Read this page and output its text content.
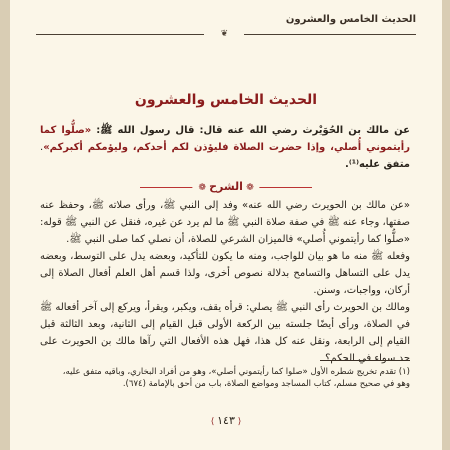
الحديث الخامس والعشرون
❦
الحديث الخامس والعشرون
عن مالك بن الحُوَيْرث رضي الله عنه قال: قال رسول الله ﷺ: «صلُّوا كما رأيتموني أُصلي، وإذا حضرت الصلاة فليؤذن لكم أحدكم، وليؤمكم أكبركم». متفق عليه⁽¹⁾.
❁ الشرح ❁
«عن مالك بن الحويرث رضي الله عنه» وفد إلى النبي ﷺ، ورأى صلاته ﷺ، وحفظ عنه صفتها، وجاء عنه ﷺ في صفة صلاة النبي ﷺ ما لم يرد عن غيره، فنقل عن النبي ﷺ قوله: «صلُّوا كما رأيتموني أُصلي» فالميزان الشرعي للصلاة، أن نصلي كما صلى النبي ﷺ.
وفعله ﷺ منه ما هو بيان للواجب، ومنه ما يكون للتأكيد، وبعضه يدل على التوسط، وبعضه يدل على التساهل والتسامح بدلالة نصوص أخرى، ولذا قسم أهل العلم أفعال الصلاة إلى أركان، وواجبات، وسنن.
ومالك بن الحويرث رأى النبي ﷺ يصلي: قرأه يقف، ويكبر، ويقرأ، ويركع إلى آخر أفعاله ﷺ في الصلاة، ورأى أيضًا جلسته بين الركعة الأولى قبل القيام إلى الثانية، وبعد الثالثة قبل القيام إلى الرابعة، ونقل عنه كل هذا، فهل هذه الأفعال التي رآها مالك بن الحويرث على حد سواء في الحكم؟
(١) تقدم تخريج شطره الأول «صلوا كما رأيتموني أصلي»، وهو من أفراد البخاري، وباقيه متفق عليه، وهو في صحيح مسلم، كتاب المساجد ومواضع الصلاة، باب من أحق بالإمامة (٦٧٤).
⟨ ١٤٣ ⟩
